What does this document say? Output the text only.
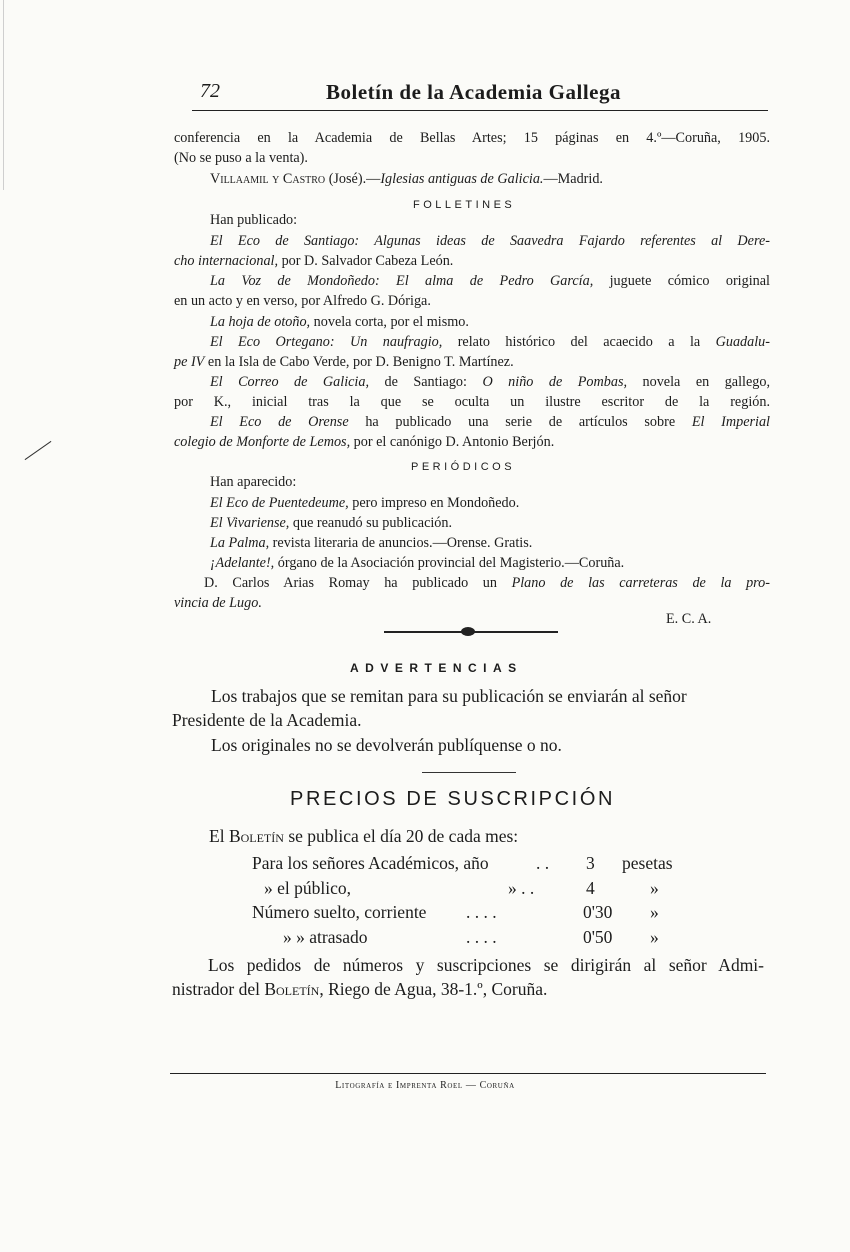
72	Boletín de la Academia Gallega
conferencia en la Academia de Bellas Artes; 15 páginas en 4.º—Coruña, 1905.
(No se puso a la venta).
Villaamil y Castro (José).—Iglesias antiguas de Galicia.—Madrid.
FOLLETINES
Han publicado:
El Eco de Santiago: Algunas ideas de Saavedra Fajardo referentes al Dere-
cho internacional, por D. Salvador Cabeza León.
La Voz de Mondoñedo: El alma de Pedro García, juguete cómico original
en un acto y en verso, por Alfredo G. Dóriga.
La hoja de otoño, novela corta, por el mismo.
El Eco Orteganо: Un naufragio, relato histórico del acaecido a la Guadalu-
pe IV en la Isla de Cabo Verde, por D. Benigno T. Martínez.
El Correo de Galicia, de Santiago: O niño de Pombas, novela en gallego,
por K., inicial tras la que se oculta un ilustre escritor de la región.
El Eco de Orense ha publicado una serie de artículos sobre El Imperial
colegio de Monforte de Lemos, por el canónigo D. Antonio Berjón.
PERIÓDICOS
Han aparecido:
El Eco de Puentedeume, pero impreso en Mondoñedo.
El Vivariense, que reanudó su publicación.
La Palma, revista literaria de anuncios.—Orense. Gratis.
¡Adelante!, órgano de la Asociación provincial del Magisterio.—Coruña.
D. Carlos Arias Romay ha publicado un Plano de las carreteras de la pro-
vincia de Lugo.
E. C. A.
ADVERTENCIAS
Los trabajos que se remitan para su publicación se enviarán al señor
Presidente de la Academia.
Los originales no se devolverán publíquense o no.
PRECIOS DE SUSCRIPCIÓN
El Boletín se publica el día 20 de cada mes:
Para los señores Académicos, año	. . 3 pesetas
» el público,	» . .	4	»
Número suelto, corriente . . . .	0'30 »
» » atrasado	. . . .	0'50 »
Los pedidos de números y suscripciones se dirigirán al señor Admi-
nistrador del Boletín, Riego de Agua, 38-1.º, Coruña.
Litografía e Imprenta Roel — Coruña
